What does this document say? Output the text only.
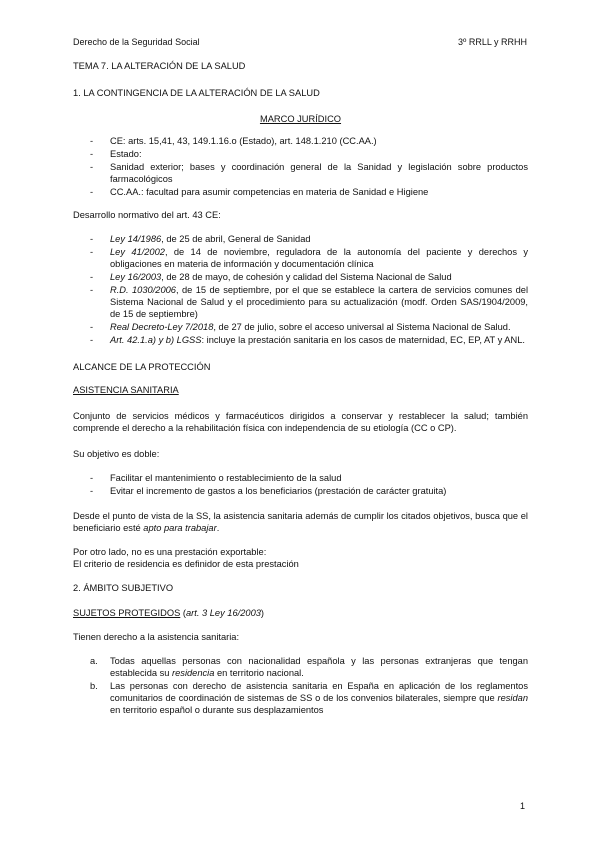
Derecho de la Seguridad Social	3º RRLL y RRHH

TEMA 7. LA ALTERACIÓN DE LA SALUD

1. LA CONTINGENCIA DE LA ALTERACIÓN DE LA SALUD

MARCO JURÍDICO

- CE: arts. 15,41, 43, 149.1.16.o (Estado), art. 148.1.210 (CC.AA.)
- Estado:
- Sanidad exterior; bases y coordinación general de la Sanidad y legislación sobre productos farmacológicos
- CC.AA.: facultad para asumir competencias en materia de Sanidad e Higiene

Desarrollo normativo del art. 43 CE:

- Ley 14/1986, de 25 de abril, General de Sanidad
- Ley 41/2002, de 14 de noviembre, reguladora de la autonomía del paciente y derechos y obligaciones en materia de información y documentación clínica
- Ley 16/2003, de 28 de mayo, de cohesión y calidad del Sistema Nacional de Salud
- R.D. 1030/2006, de 15 de septiembre, por el que se establece la cartera de servicios comunes del Sistema Nacional de Salud y el procedimiento para su actualización (modf. Orden SAS/1904/2009, de 15 de septiembre)
- Real Decreto-Ley 7/2018, de 27 de julio, sobre el acceso universal al Sistema Nacional de Salud.
- Art. 42.1.a) y b) LGSS: incluye la prestación sanitaria en los casos de maternidad, EC, EP, AT y ANL.

ALCANCE DE LA PROTECCIÓN

ASISTENCIA SANITARIA

Conjunto de servicios médicos y farmacéuticos dirigidos a conservar y restablecer la salud; también comprende el derecho a la rehabilitación física con independencia de su etiología (CC o CP).

Su objetivo es doble:

- Facilitar el mantenimiento o restablecimiento de la salud
- Evitar el incremento de gastos a los beneficiarios (prestación de carácter gratuita)

Desde el punto de vista de la SS, la asistencia sanitaria además de cumplir los citados objetivos, busca que el beneficiario esté apto para trabajar.

Por otro lado, no es una prestación exportable:

El criterio de residencia es definidor de esta prestación

2. ÁMBITO SUBJETIVO

SUJETOS PROTEGIDOS (art. 3 Ley 16/2003)

Tienen derecho a la asistencia sanitaria:

a. Todas aquellas personas con nacionalidad española y las personas extranjeras que tengan establecida su residencia en territorio nacional.
b. Las personas con derecho de asistencia sanitaria en España en aplicación de los reglamentos comunitarios de coordinación de sistemas de SS o de los convenios bilaterales, siempre que residan en territorio español o durante sus desplazamientos
1
